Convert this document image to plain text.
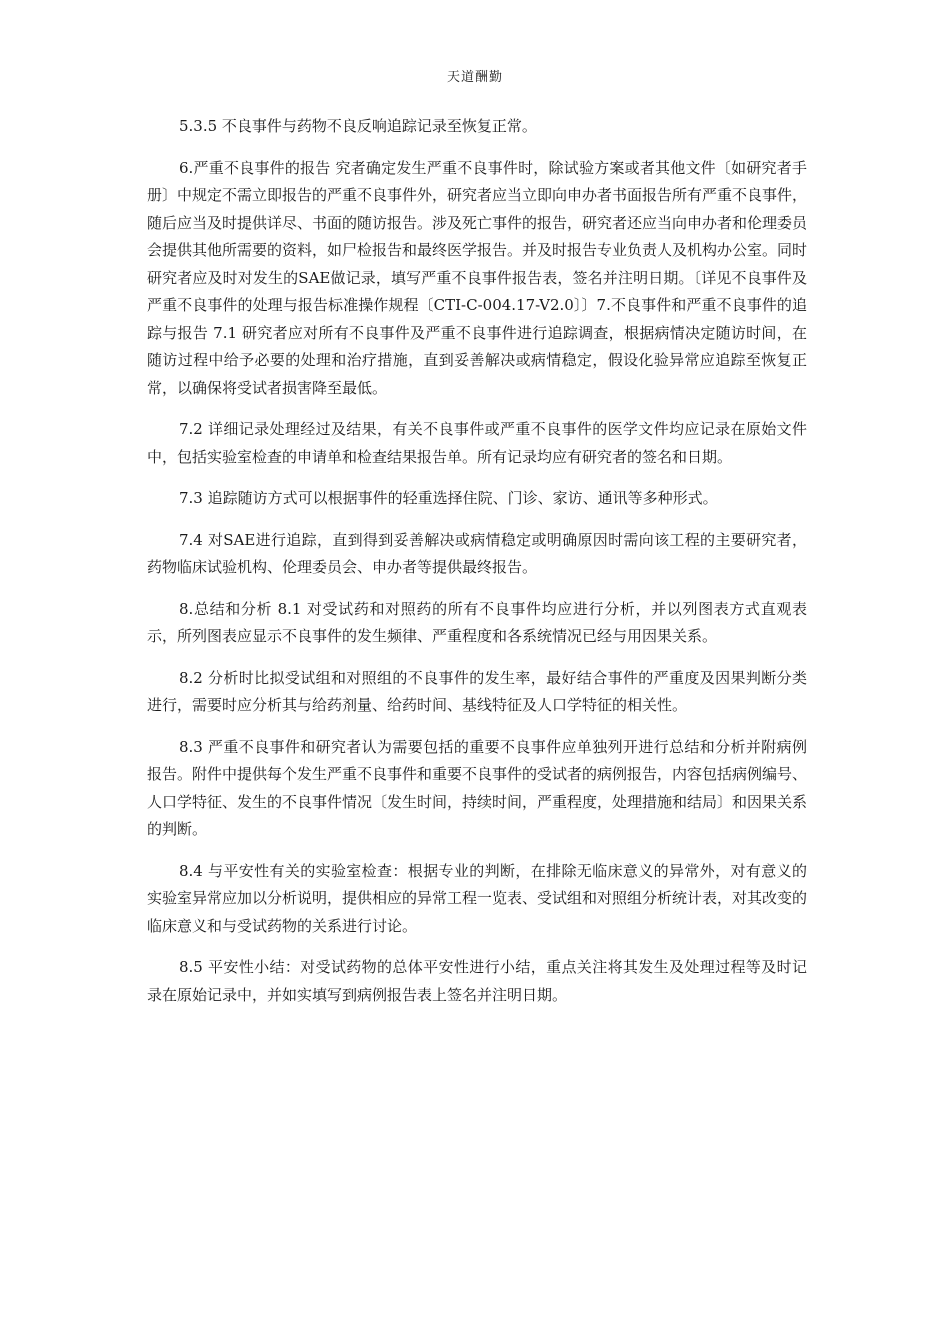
天道酬勤

5.3.5 不良事件与药物不良反响追踪记录至恢复正常。

6.严重不良事件的报告 究者确定发生严重不良事件时，除试验方案或者其他文件〔如研究者手册〕中规定不需立即报告的严重不良事件外，研究者应当立即向申办者书面报告所有严重不良事件，随后应当及时提供详尽、书面的随访报告。涉及死亡事件的报告，研究者还应当向申办者和伦理委员会提供其他所需要的资料，如尸检报告和最终医学报告。并及时报告专业负责人及机构办公室。同时研究者应及时对发生的SAE做记录，填写严重不良事件报告表，签名并注明日期。〔详见不良事件及严重不良事件的处理与报告标准操作规程〔CTI-C-004.17-V2.0〕〕7.不良事件和严重不良事件的追踪与报告 7.1 研究者应对所有不良事件及严重不良事件进行追踪调查，根据病情决定随访时间，在随访过程中给予必要的处理和治疗措施，直到妥善解决或病情稳定，假设化验异常应追踪至恢复正常，以确保将受试者损害降至最低。

7.2 详细记录处理经过及结果，有关不良事件或严重不良事件的医学文件均应记录在原始文件中，包括实验室检查的申请单和检查结果报告单。所有记录均应有研究者的签名和日期。

7.3 追踪随访方式可以根据事件的轻重选择住院、门诊、家访、通讯等多种形式。

7.4 对SAE进行追踪，直到得到妥善解决或病情稳定或明确原因时需向该工程的主要研究者，药物临床试验机构、伦理委员会、申办者等提供最终报告。

8.总结和分析 8.1 对受试药和对照药的所有不良事件均应进行分析，并以列图表方式直观表示，所列图表应显示不良事件的发生频律、严重程度和各系统情况已经与用因果关系。

8.2 分析时比拟受试组和对照组的不良事件的发生率，最好结合事件的严重度及因果判断分类进行，需要时应分析其与给药剂量、给药时间、基线特征及人口学特征的相关性。

8.3 严重不良事件和研究者认为需要包括的重要不良事件应单独列开进行总结和分析并附病例报告。附件中提供每个发生严重不良事件和重要不良事件的受试者的病例报告，内容包括病例编号、人口学特征、发生的不良事件情况〔发生时间，持续时间，严重程度，处理措施和结局〕和因果关系的判断。

8.4 与平安性有关的实验室检查：根据专业的判断，在排除无临床意义的异常外，对有意义的实验室异常应加以分析说明，提供相应的异常工程一览表、受试组和对照组分析统计表，对其改变的临床意义和与受试药物的关系进行讨论。

8.5 平安性小结：对受试药物的总体平安性进行小结，重点关注将其发生及处理过程等及时记录在原始记录中，并如实填写到病例报告表上签名并注明日期。
